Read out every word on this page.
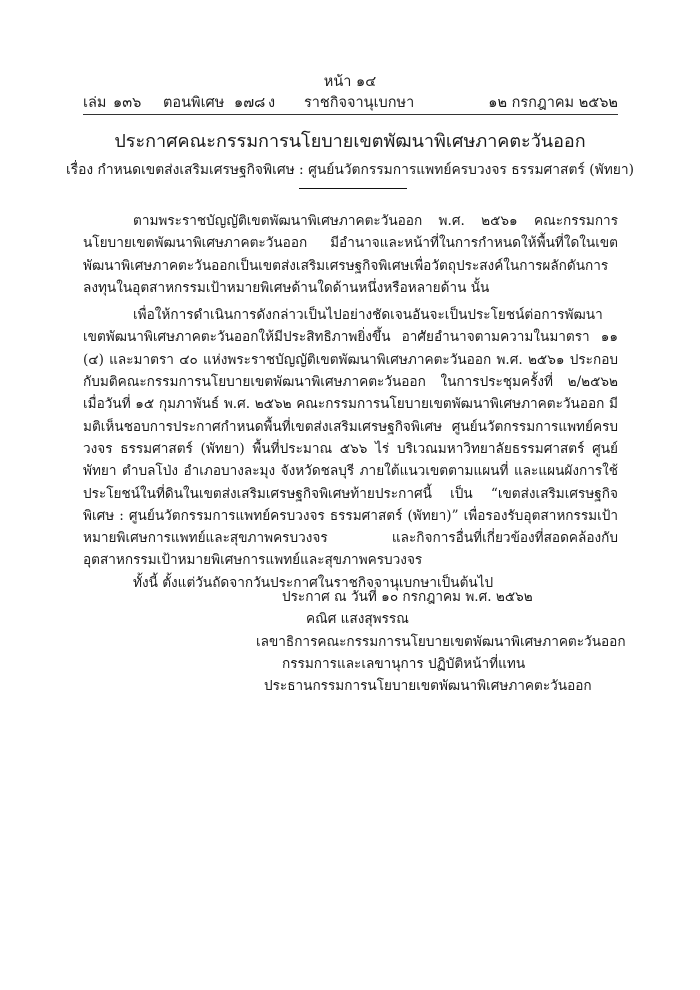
หน้า ๑๔
เล่ม ๑๓๖ ตอนพิเศษ ๑๗๘ ง ราชกิจจานุเบกษา	๑๒ กรกฎาคม ๒๕๖๒
ประกาศคณะกรรมการนโยบายเขตพัฒนาพิเศษภาคตะวันออก
เรื่อง กำหนดเขตส่งเสริมเศรษฐกิจพิเศษ : ศูนย์นวัตกรรมการแพทย์ครบวงจร ธรรมศาสตร์ (พัทยา)

ตามพระราชบัญญัติเขตพัฒนาพิเศษภาคตะวันออก พ.ศ. ๒๕๖๑ คณะกรรมการนโยบายเขตพัฒนาพิเศษภาคตะวันออก มีอำนาจและหน้าที่ในการกำหนดให้พื้นที่ใดในเขตพัฒนาพิเศษภาคตะวันออกเป็นเขตส่งเสริมเศรษฐกิจพิเศษเพื่อวัตถุประสงค์ในการผลักดันการลงทุนในอุตสาหกรรมเป้าหมายพิเศษด้านใดด้านหนึ่งหรือหลายด้าน นั้น

เพื่อให้การดำเนินการดังกล่าวเป็นไปอย่างชัดเจนอันจะเป็นประโยชน์ต่อการพัฒนาเขตพัฒนาพิเศษภาคตะวันออกให้มีประสิทธิภาพยิ่งขึ้น อาศัยอำนาจตามความในมาตรา ๑๑ (๔) และมาตรา ๔๐ แห่งพระราชบัญญัติเขตพัฒนาพิเศษภาคตะวันออก พ.ศ. ๒๕๖๑ ประกอบกับมติคณะกรรมการนโยบายเขตพัฒนาพิเศษภาคตะวันออก ในการประชุมครั้งที่ ๒/๒๕๖๒ เมื่อวันที่ ๑๕ กุมภาพันธ์ พ.ศ. ๒๕๖๒ คณะกรรมการนโยบายเขตพัฒนาพิเศษภาคตะวันออก มีมติเห็นชอบการประกาศกำหนดพื้นที่เขตส่งเสริมเศรษฐกิจพิเศษ ศูนย์นวัตกรรมการแพทย์ครบวงจร ธรรมศาสตร์ (พัทยา) พื้นที่ประมาณ ๕๖๖ ไร่ บริเวณมหาวิทยาลัยธรรมศาสตร์ ศูนย์พัทยา ตำบลโป่ง อำเภอบางละมุง จังหวัดชลบุรี ภายใต้แนวเขตตามแผนที่ และแผนผังการใช้ประโยชน์ในที่ดินในเขตส่งเสริมเศรษฐกิจพิเศษท้ายประกาศนี้ เป็น “เขตส่งเสริมเศรษฐกิจพิเศษ : ศูนย์นวัตกรรมการแพทย์ครบวงจร ธรรมศาสตร์ (พัทยา)” เพื่อรองรับอุตสาหกรรมเป้าหมายพิเศษการแพทย์และสุขภาพครบวงจร และกิจการอื่นที่เกี่ยวข้องที่สอดคล้องกับอุตสาหกรรมเป้าหมายพิเศษการแพทย์และสุขภาพครบวงจร

ทั้งนี้ ตั้งแต่วันถัดจากวันประกาศในราชกิจจานุเบกษาเป็นต้นไป

ประกาศ ณ วันที่ ๑๐ กรกฎาคม พ.ศ. ๒๕๖๒
คณิศ แสงสุพรรณ
เลขาธิการคณะกรรมการนโยบายเขตพัฒนาพิเศษภาคตะวันออก
กรรมการและเลขานุการ ปฏิบัติหน้าที่แทน
ประธานกรรมการนโยบายเขตพัฒนาพิเศษภาคตะวันออก
